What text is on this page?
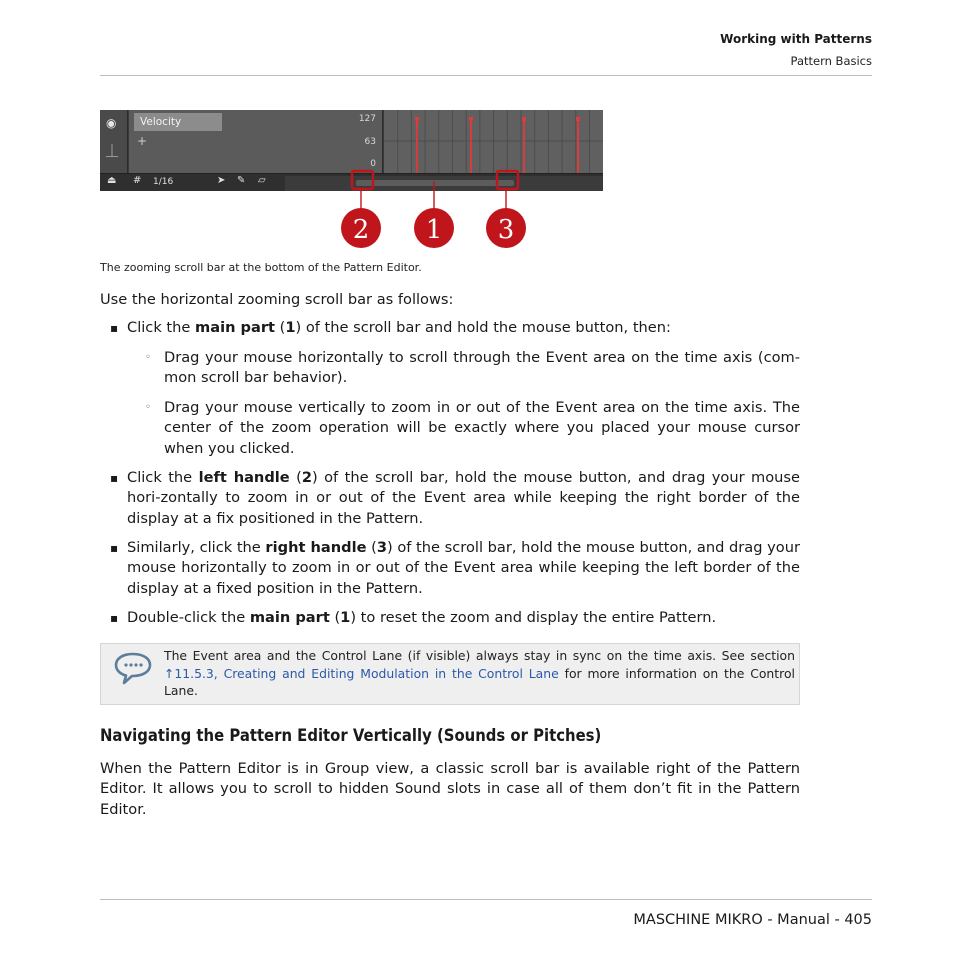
Working with Patterns
Pattern Basics
◉
⏊
Velocity
+
127
63
0
⏏ # 1/16	➤ ✎ ▱
2 1 3
The zooming scroll bar at the bottom of the Pattern Editor.
Use the horizontal zooming scroll bar as follows:
▪ Click the main part (1) of the scroll bar and hold the mouse button, then:
◦ Drag your mouse horizontally to scroll through the Event area on the time axis (com-mon scroll bar behavior).
◦ Drag your mouse vertically to zoom in or out of the Event area on the time axis. The center of the zoom operation will be exactly where you placed your mouse cursor when you clicked.
▪ Click the left handle (2) of the scroll bar, hold the mouse button, and drag your mouse hori-zontally to zoom in or out of the Event area while keeping the right border of the display at a fix positioned in the Pattern.
▪ Similarly, click the right handle (3) of the scroll bar, hold the mouse button, and drag your mouse horizontally to zoom in or out of the Event area while keeping the left border of the display at a fixed position in the Pattern.
▪ Double-click the main part (1) to reset the zoom and display the entire Pattern.
The Event area and the Control Lane (if visible) always stay in sync on the time axis. See section ↑11.5.3, Creating and Editing Modulation in the Control Lane for more information on the Control Lane.
Navigating the Pattern Editor Vertically (Sounds or Pitches)
When the Pattern Editor is in Group view, a classic scroll bar is available right of the Pattern Editor. It allows you to scroll to hidden Sound slots in case all of them don’t fit in the Pattern Editor.
MASCHINE MIKRO - Manual - 405
